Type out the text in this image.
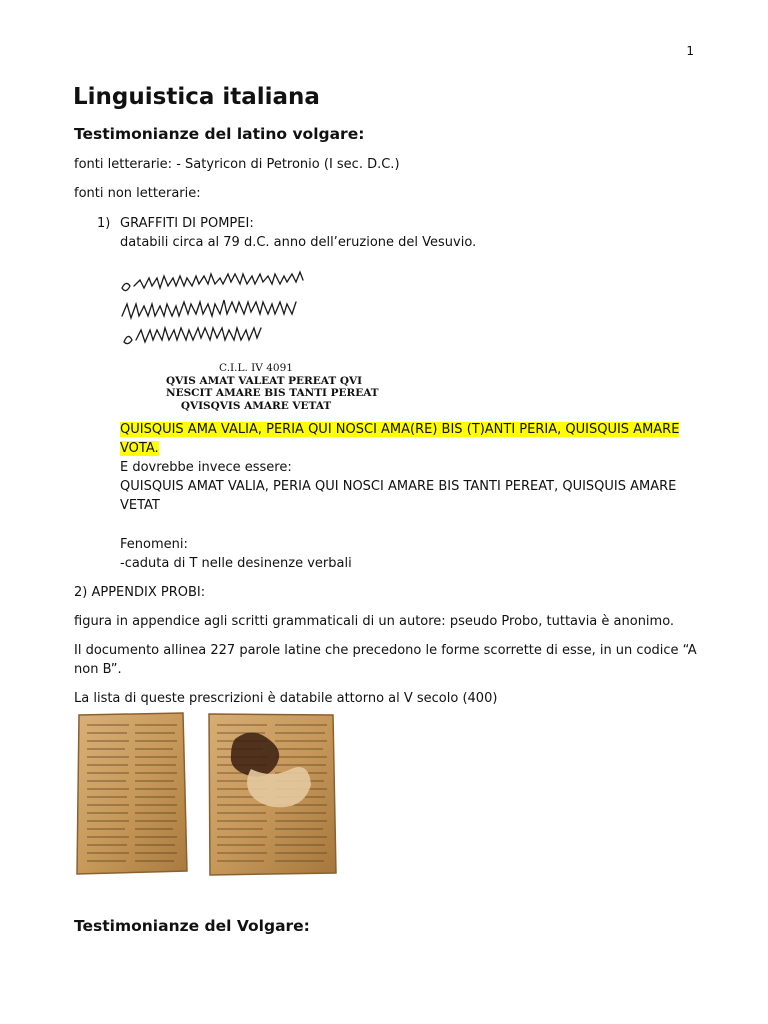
1
Linguistica italiana
Testimonianze del latino volgare:
fonti letterarie: - Satyricon di Petronio (I sec. D.C.)
fonti non letterarie:
1) GRAFFITI DI POMPEI:
databili circa al 79 d.C. anno dell’eruzione del Vesuvio.
C.I.L. IV 4091
QVIS AMAT VALEAT PEREAT QVI
NESCIT AMARE BIS TANTI PEREAT
QVISQVIS AMARE VETAT
QUISQUIS AMA VALIA, PERIA QUI NOSCI AMA(RE) BIS (T)ANTI PERIA, QUISQUIS AMARE
VOTA.
E dovrebbe invece essere:
QUISQUIS AMAT VALIA, PERIA QUI NOSCI AMARE BIS TANTI PEREAT, QUISQUIS AMARE
VETAT
Fenomeni:
-caduta di T nelle desinenze verbali
2) APPENDIX PROBI:
figura in appendice agli scritti grammaticali di un autore: pseudo Probo, tuttavia è anonimo.
Il documento allinea 227 parole latine che precedono le forme scorrette di esse, in un codice “A
non B”.
La lista di queste prescrizioni è databile attorno al V secolo (400)
Testimonianze del Volgare:
